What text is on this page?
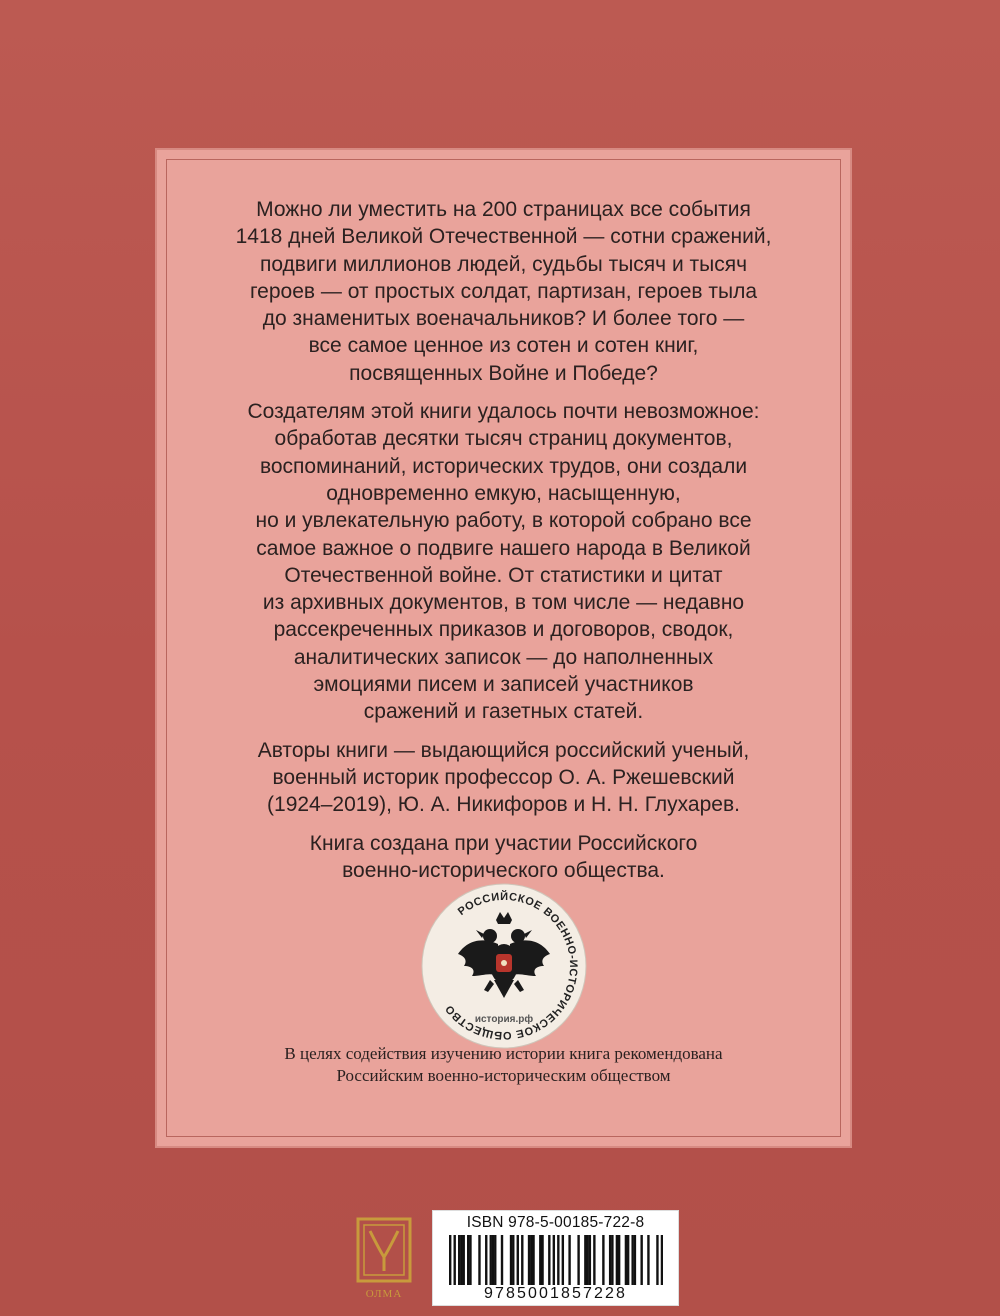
Можно ли уместить на 200 страницах все события
1418 дней Великой Отечественной — сотни сражений,
подвиги миллионов людей, судьбы тысяч и тысяч
героев — от простых солдат, партизан, героев тыла
до знаменитых военачальников? И более того —
все самое ценное из сотен и сотен книг,
посвященных Войне и Победе?

Создателям этой книги удалось почти невозможное:
обработав десятки тысяч страниц документов,
воспоминаний, исторических трудов, они создали
одновременно емкую, насыщенную,
но и увлекательную работу, в которой собрано все
самое важное о подвиге нашего народа в Великой
Отечественной войне. От статистики и цитат
из архивных документов, в том числе — недавно
рассекреченных приказов и договоров, сводок,
аналитических записок — до наполненных
эмоциями писем и записей участников
сражений и газетных статей.

Авторы книги — выдающийся российский ученый,
военный историк профессор О. А. Ржешевский
(1924–2019), Ю. А. Никифоров и Н. Н. Глухарев.

Книга создана при участии Российского
военно-исторического общества.

РОССИЙСКОЕ ВОЕННО-ИСТОРИЧЕСКОЕ ОБЩЕСТВО
история.рф
В целях содействия изучению истории книга рекомендована
Российским военно-историческим обществом
ОЛМА
ISBN 978-5-00185-722-8
9785001857228
